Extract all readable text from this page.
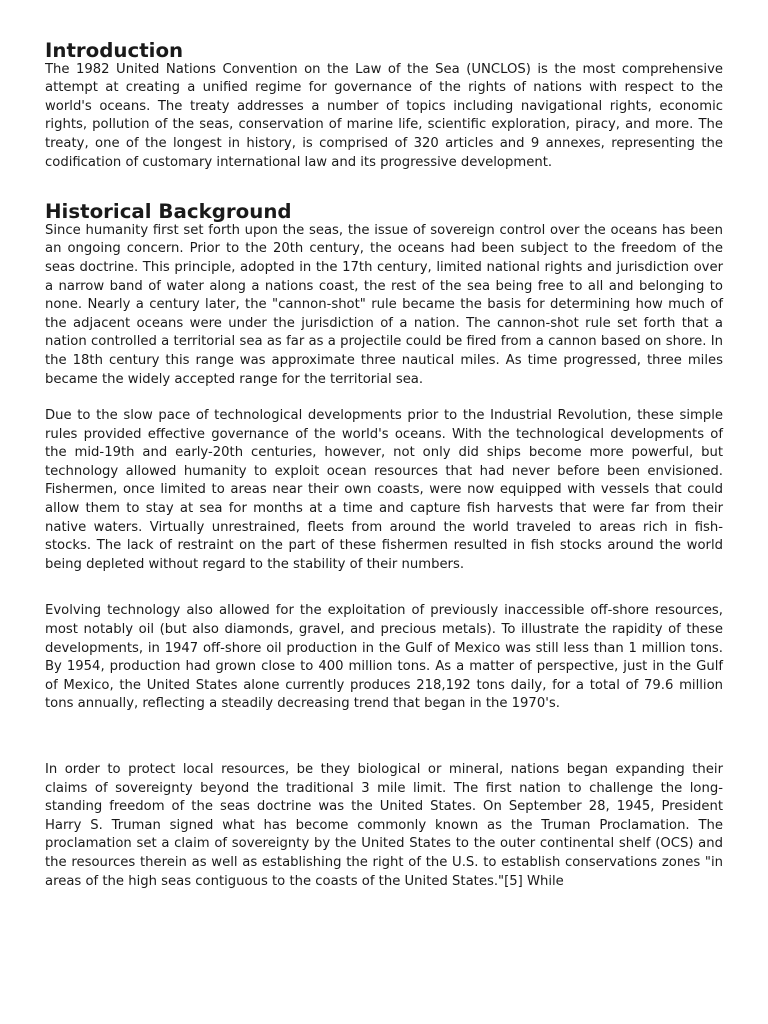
Introduction

The 1982 United Nations Convention on the Law of the Sea (UNCLOS) is the most comprehensive attempt at creating a unified regime for governance of the rights of nations with respect to the world's oceans. The treaty addresses a number of topics including navigational rights, economic rights, pollution of the seas, conservation of marine life, scientific exploration, piracy, and more. The treaty, one of the longest in history, is comprised of 320 articles and 9 annexes, representing the codification of customary international law and its progressive development.

Historical Background

Since humanity first set forth upon the seas, the issue of sovereign control over the oceans has been an ongoing concern. Prior to the 20th century, the oceans had been subject to the freedom of the seas doctrine. This principle, adopted in the 17th century, limited national rights and jurisdiction over a narrow band of water along a nations coast, the rest of the sea being free to all and belonging to none. Nearly a century later, the "cannon-shot" rule became the basis for determining how much of the adjacent oceans were under the jurisdiction of a nation. The cannon-shot rule set forth that a nation controlled a territorial sea as far as a projectile could be fired from a cannon based on shore. In the 18th century this range was approximate three nautical miles. As time progressed, three miles became the widely accepted range for the territorial sea.

Due to the slow pace of technological developments prior to the Industrial Revolution, these simple rules provided effective governance of the world's oceans. With the technological developments of the mid-19th and early-20th centuries, however, not only did ships become more powerful, but technology allowed humanity to exploit ocean resources that had never before been envisioned. Fishermen, once limited to areas near their own coasts, were now equipped with vessels that could allow them to stay at sea for months at a time and capture fish harvests that were far from their native waters. Virtually unrestrained, fleets from around the world traveled to areas rich in fish-stocks. The lack of restraint on the part of these fishermen resulted in fish stocks around the world being depleted without regard to the stability of their numbers.

Evolving technology also allowed for the exploitation of previously inaccessible off-shore resources, most notably oil (but also diamonds, gravel, and precious metals). To illustrate the rapidity of these developments, in 1947 off-shore oil production in the Gulf of Mexico was still less than 1 million tons. By 1954, production had grown close to 400 million tons. As a matter of perspective, just in the Gulf of Mexico, the United States alone currently produces 218,192 tons daily, for a total of 79.6 million tons annually, reflecting a steadily decreasing trend that began in the 1970's.

In order to protect local resources, be they biological or mineral, nations began expanding their claims of sovereignty beyond the traditional 3 mile limit. The first nation to challenge the long-standing freedom of the seas doctrine was the United States. On September 28, 1945, President Harry S. Truman signed what has become commonly known as the Truman Proclamation. The proclamation set a claim of sovereignty by the United States to the outer continental shelf (OCS) and the resources therein as well as establishing the right of the U.S. to establish conservations zones "in areas of the high seas contiguous to the coasts of the United States."[5] While
